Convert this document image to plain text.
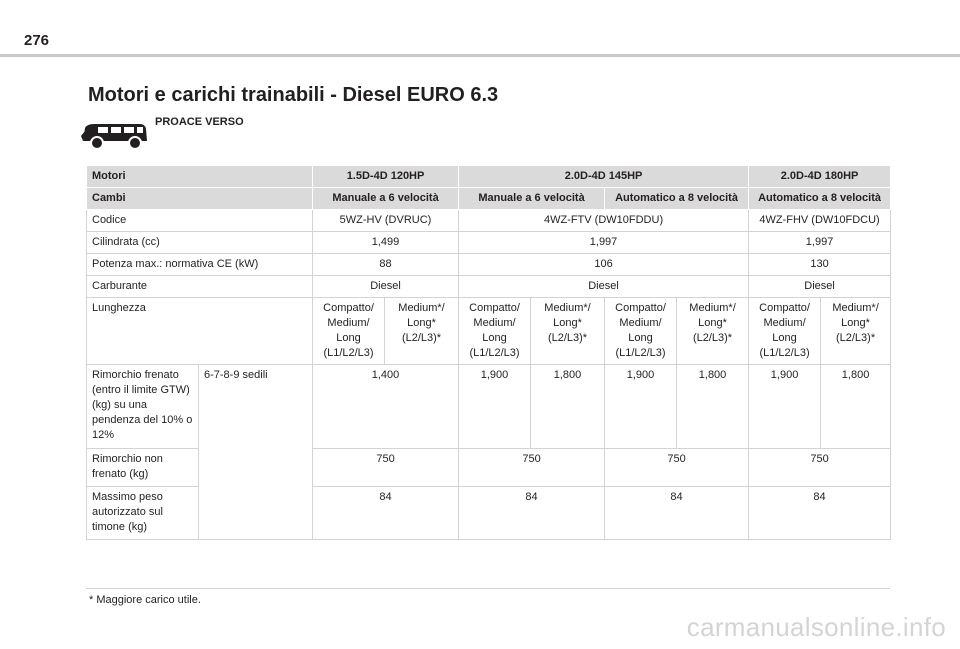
276
Motori e carichi trainabili - Diesel EURO 6.3
PROACE VERSO
Motori		1.5D-4D 120HP		2.0D-4D 145HP				2.0D-4D 180HP	
Cambi		Manuale a 6 velocità		Manuale a 6 velocità		Automatico a 8 velocità		Automatico a 8 velocità	
Codice		5WZ-HV (DVRUC)		4WZ-FTV (DW10FDDU)				4WZ-FHV (DW10FDCU)	
Cilindrata (cc)		1,499		1,997				1,997	
Potenza max.: normativa CE (kW)		88		106				130	
Carburante		Diesel		Diesel				Diesel	
Lunghezza		Compatto/ Medium/ Long (L1/L2/L3)	Medium*/ Long* (L2/L3)*	Compatto/ Medium/ Long (L1/L2/L3)	Medium*/ Long* (L2/L3)*	Compatto/ Medium/ Long (L1/L2/L3)	Medium*/ Long* (L2/L3)*	Compatto/ Medium/ Long (L1/L2/L3)	Medium*/ Long* (L2/L3)*
Rimorchio frenato (entro il limite GTW) (kg) su una pendenza del 10% o 12%	6-7-8-9 sedili	1,400		1,900	1,800	1,900	1,800	1,900	1,800
Rimorchio non frenato (kg)		750		750		750		750	
Massimo peso autorizzato sul timone (kg)		84		84		84		84	
* Maggiore carico utile.
carmanualsonline.info
